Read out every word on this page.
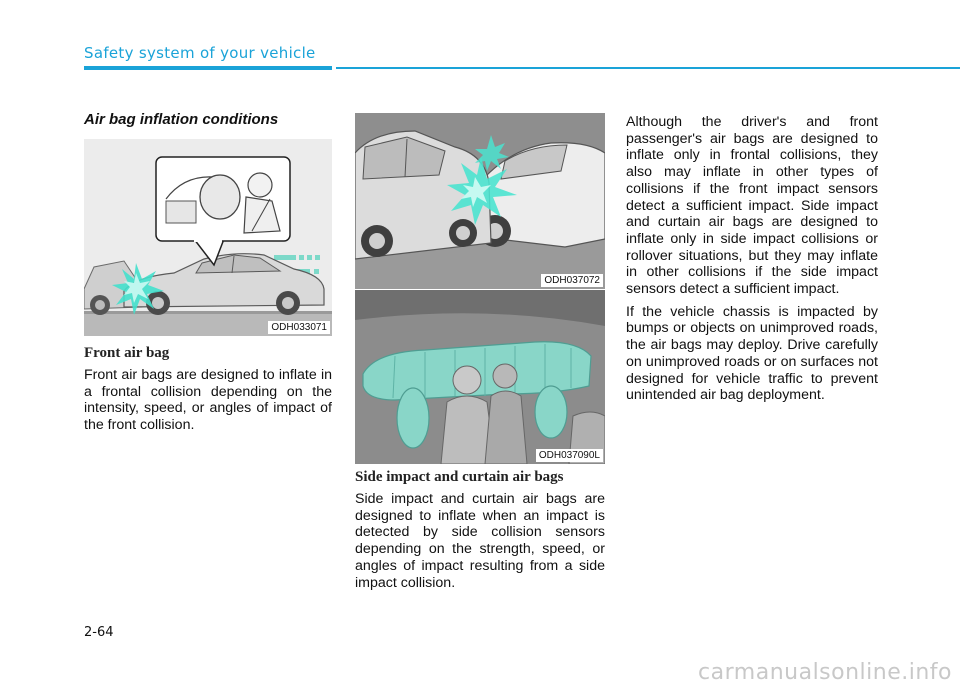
Safety system of your vehicle
Air bag inflation conditions
ODH033071
Front air bag

Front air bags are designed to inflate in a frontal collision depending on the intensity, speed, or angles of impact of the front collision.

ODH037072
ODH037090L
Side impact and curtain air bags

Side impact and curtain air bags are designed to inflate when an impact is detected by side collision sensors depending on the strength, speed, or angles of impact resulting from a side impact collision.

Although the driver's and front passenger's air bags are designed to inflate only in frontal collisions, they also may inflate in other types of collisions if the front impact sensors detect a sufficient impact. Side impact and curtain air bags are designed to inflate only in side impact collisions or rollover situations, but they may inflate in other collisions if the side impact sensors detect a sufficient impact.

If the vehicle chassis is impacted by bumps or objects on unimproved roads, the air bags may deploy. Drive carefully on unimproved roads or on surfaces not designed for vehicle traffic to prevent unintended air bag deployment.

2-64
carmanualsonline.info
